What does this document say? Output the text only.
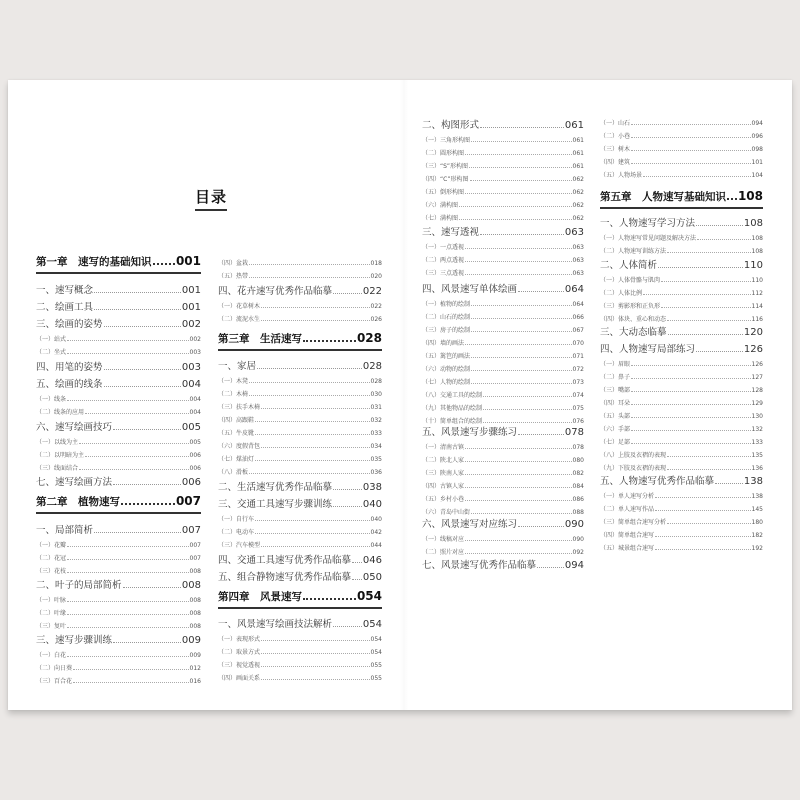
目录
第一章　速写的基础知识 001
一、速写概念	001
二、绘画工具	001
三、绘画的姿势	002
（一）站式	002
（二）坐式	003
四、用笔的姿势	003
五、绘画的线条	004
（一）线条	004
（二）线条的应用	004
六、速写绘画技巧	005
（一）以线为主	005
（二）以明暗为主	006
（三）线面结合	006
七、速写绘画方法	006
第二章　植物速写	007
一、局部简析	007
（一）花瓣	007
（二）花冠	007
（三）花枝	008
二、叶子的局部简析	008
（一）叶脉	008
（二）叶缘	008
（三）复叶	008
三、速写步骤训练	009
（一）白花	009
（二）向日葵	012
（三）百合花	016
（四）盆栽	018
（五）热带	020
四、花卉速写优秀作品临摹	022
（一）花草树木	022
（二）流泥水生	026
第三章　生活速写	028
一、家居	028
（一）木凳	028
（二）木椅	030
（三）扶手木椅	031
（四）高跟鞋	032
（五）牛皮靴	033
（六）度假背包	034
（七）煤油灯	035
（八）滑板	036
二、生活速写优秀作品临摹	038
三、交通工具速写步骤训练	040
（一）自行车	040
（二）电动车	042
（三）汽车模型	044
四、交通工具速写优秀作品临摹 046
五、组合静物速写优秀作品临摹 050
第四章　风景速写	054
一、风景速写绘画技法解析	054
（一）表现形式	054
（二）取景方式	054
（三）视觉透视	055
（四）画面关系	055
二、构图形式	061
（一）三角形构图	061
（二）圆形构图	061
（三）“S”形构图	061
（四）“C”形构图	062
（五）倒形构图	062
（六）满构图	062
（七）满构图	062
三、速写透视	063
（一）一点透视	063
（二）两点透视	063
（三）三点透视	063
四、风景速写单体绘画	064
（一）植物的绘制	064
（二）山石的绘制	066
（三）房子的绘制	067
（四）墙的画法	070
（五）篱笆的画法	071
（六）动物的绘制	072
（七）人物的绘制	073
（八）交通工具的绘制	074
（九）其他物品的绘制	075
（十）简单组合的绘制	076
五、风景速写步骤练习	078
（一）清南古镇	078
（二）陕北人家	080
（三）陕南人家	082
（四）古镇人家	084
（五）乡村小巷	086
（六）青岛中山街	088
六、风景速写对应练习	090
（一）线稿对应	090
（二）照片对应	092
七、风景速写优秀作品临摹	094
（一）山石	094
（二）小巷	096
（三）树木	098
（四）建筑	101
（五）人物场景	104
第五章　人物速写基础知识 108
一、人物速写学习方法	108
（一）人物速写常见问题及解决方法	108
（二）人物速写训练方法	108
二、人体简析	110
（一）人体骨骼与肌肉	110
（二）人体比例	112
（三）剪影形和正负形	114
（四）体块、重心和动态	116
三、大动态临摹	120
四、人物速写局部练习	126
（一）眉眼	126
（二）鼻子	127
（三）嘴部	128
（四）耳朵	129
（五）头部	130
（六）手部	132
（七）足部	133
（八）上肢及衣褶的表现	135
（九）下肢及衣褶的表现	136
五、人物速写优秀作品临摹	138
（一）单人速写分析	138
（二）单人速写作品	145
（三）简单组合速写分析	180
（四）简单组合速写	182
（五）城景组合速写	192
